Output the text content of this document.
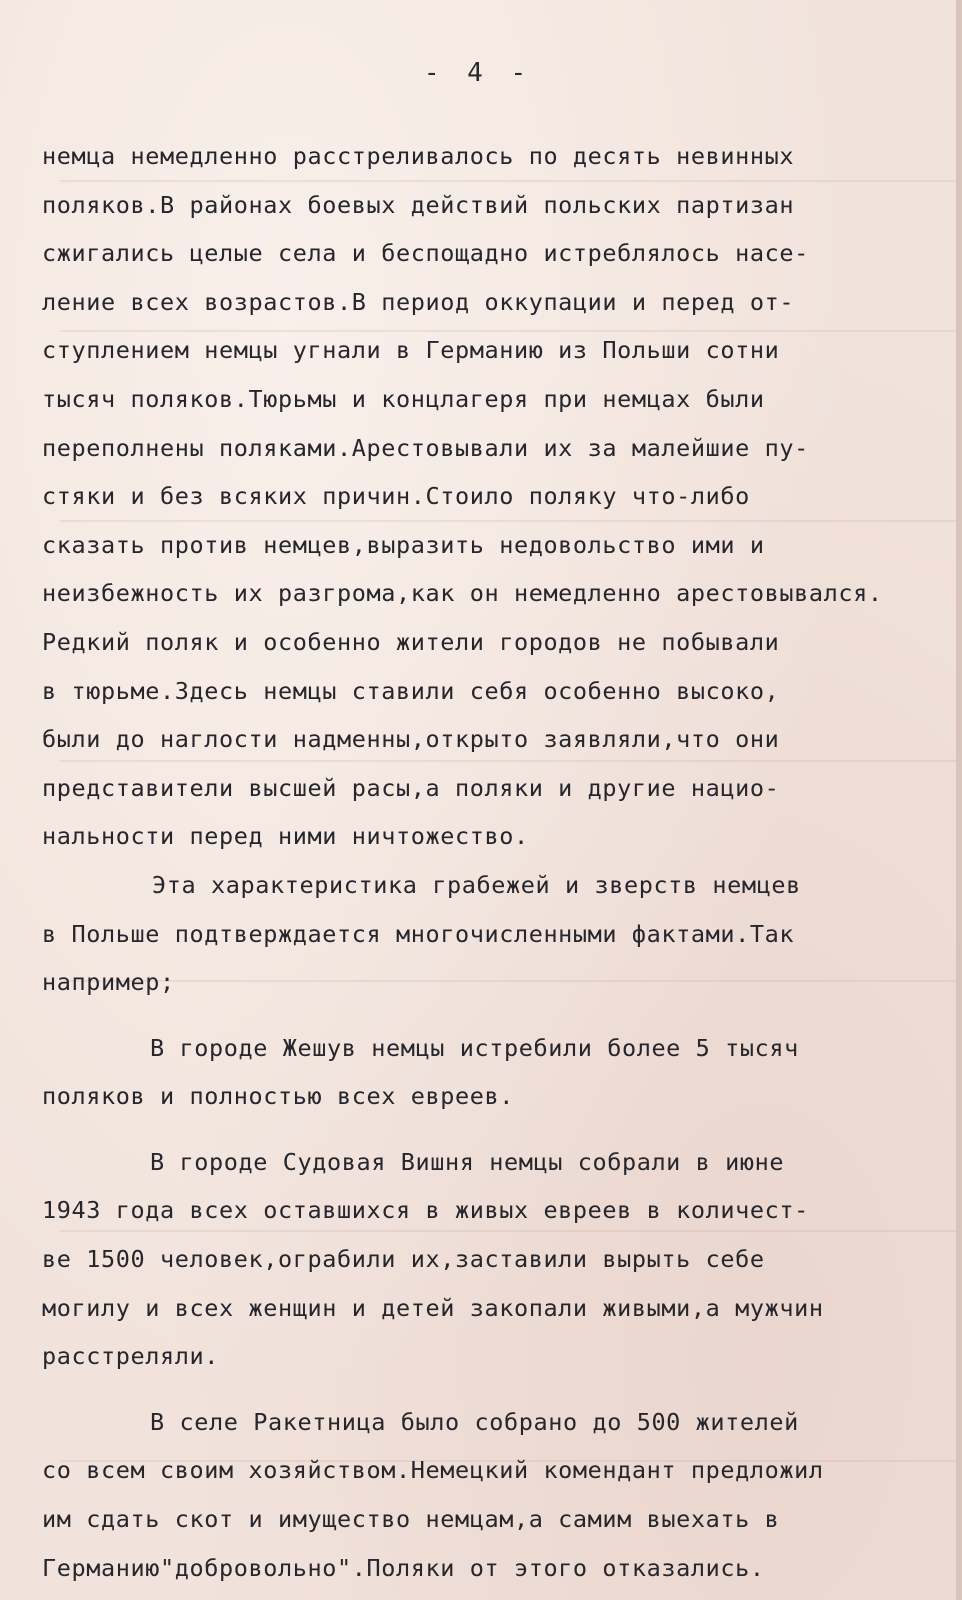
- 4 -
немца немедленно расстреливалось по десять невинных
поляков.В районах боевых действий польских партизан
сжигались целые села и беспощадно истреблялось насе-
ление всех возрастов.В период оккупации и перед от-
ступлением немцы угнали в Германию из Польши сотни
тысяч поляков.Тюрьмы и концлагеря при немцах были
переполнены поляками.Арестовывали их за малейшие пу-
стяки и без всяких причин.Стоило поляку что-либо
сказать против немцев,выразить недовольство ими и
неизбежность их разгрома,как он немедленно арестовывался.
Редкий поляк и особенно жители городов не побывали
в тюрьме.Здесь немцы ставили себя особенно высоко,
были до наглости надменны,открыто заявляли,что они
представители высшей расы,а поляки и другие нацио-
нальности перед ними ничтожество.
Эта характеристика грабежей и зверств немцев
в Польше подтверждается многочисленными фактами.Так
например;
В городе Жешув немцы истребили более 5 тысяч
поляков и полностью всех евреев.
В городе Судовая Вишня немцы собрали в июне
1943 года всех оставшихся в живых евреев в количест-
ве 1500 человек,ограбили их,заставили вырыть себе
могилу и всех женщин и детей закопали живыми,а мужчин
расстреляли.
В селе Ракетница было собрано до 500 жителей
со всем своим хозяйством.Немецкий комендант предложил
им сдать скот и имущество немцам,а самим выехать в
Германию"добровольно".Поляки от этого отказались.
